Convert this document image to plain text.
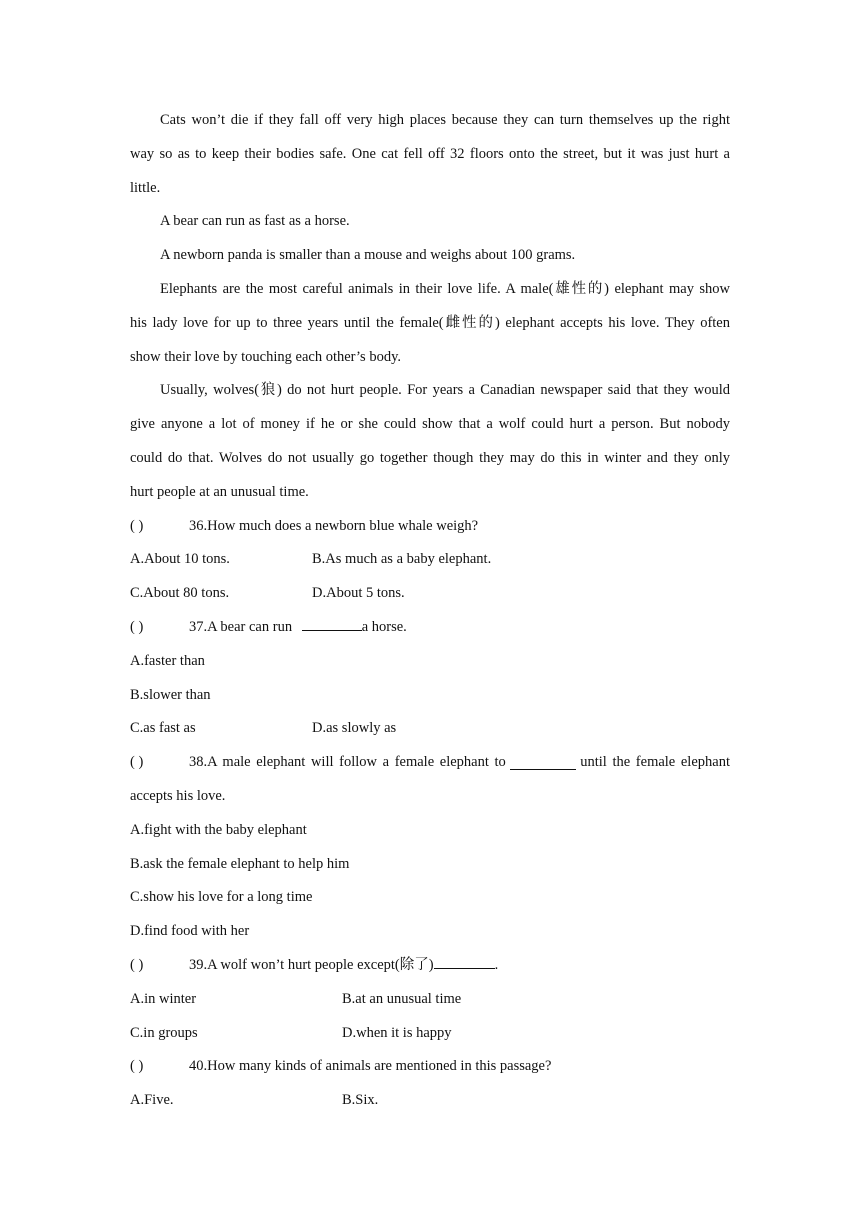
Cats won’t die if they fall off very high places because they can turn themselves up the right
way so as to keep their bodies safe. One cat fell off 32 floors onto the street, but it was just hurt a
little.
A bear can run as fast as a horse.
A newborn panda is smaller than a mouse and weighs about 100 grams.
Elephants are the most careful animals in their love life. A male(雄性的) elephant may show
his lady love for up to three years until the female(雌性的) elephant accepts his love. They often
show their love by touching each other’s body.
Usually, wolves(狼) do not hurt people. For years a Canadian newspaper said that they would
give anyone a lot of money if he or she could show that a wolf could hurt a person. But nobody
could do that. Wolves do not usually go together though they may do this in winter and they only
hurt people at an unusual time.
( )	36.How much does a newborn blue whale weigh?
A.About 10 tons.	B.As much as a baby elephant.
C.About 80 tons.	D.About 5 tons.
( )	37.A bear can run	a horse.
A.faster than
B.slower than
C.as fast as	D.as slowly as
( )	38.A male elephant will follow a female elephant to	until the female elephant
accepts his love.
A.fight with the baby elephant
B.ask the female elephant to help him
C.show his love for a long time
D.find food with her
( )	39.A wolf won’t hurt people except(除了)	.
A.in winter	B.at an unusual time
C.in groups	D.when it is happy
( )	40.How many kinds of animals are mentioned in this passage?
A.Five.	B.Six.
